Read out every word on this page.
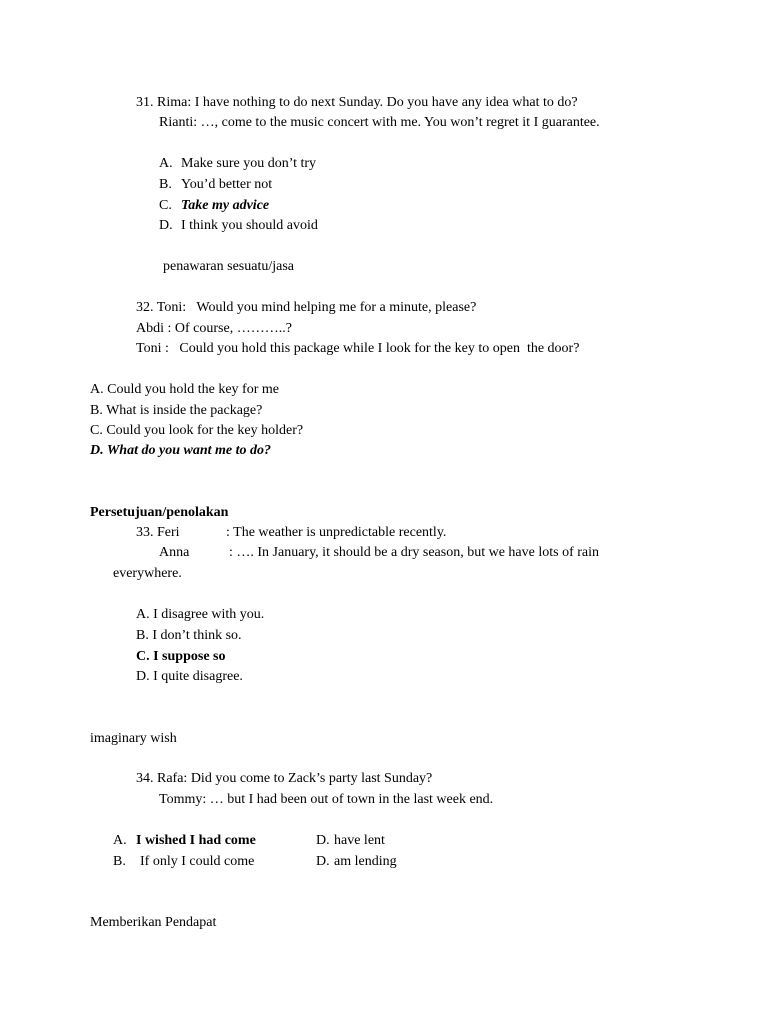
31. Rima: I have nothing to do next Sunday. Do you have any idea what to do?
Rianti: …, come to the music concert with me. You won’t regret it I guarantee.
A. Make sure you don’t try
B. You’d better not
C. Take my advice
D. I think you should avoid
penawaran sesuatu/jasa
32. Toni:   Would you mind helping me for a minute, please?
Abdi : Of course, ………..?
Toni :   Could you hold this package while I look for the key to open  the door?
A. Could you hold the key for me
B. What is inside the package?
C. Could you look for the key holder?
D. What do you want me to do?
Persetujuan/penolakan
33. Feri	: The weather is unpredictable recently.
Anna	: …. In January, it should be a dry season, but we have lots of rain
everywhere.
A. I disagree with you.
B. I don’t think so.
C. I suppose so
D. I quite disagree.
imaginary wish
34. Rafa: Did you come to Zack’s party last Sunday?
Tommy: … but I had been out of town in the last week end.
A. I wished I had come	D. have lent
B. If only I could come	D. am lending
Memberikan Pendapat
